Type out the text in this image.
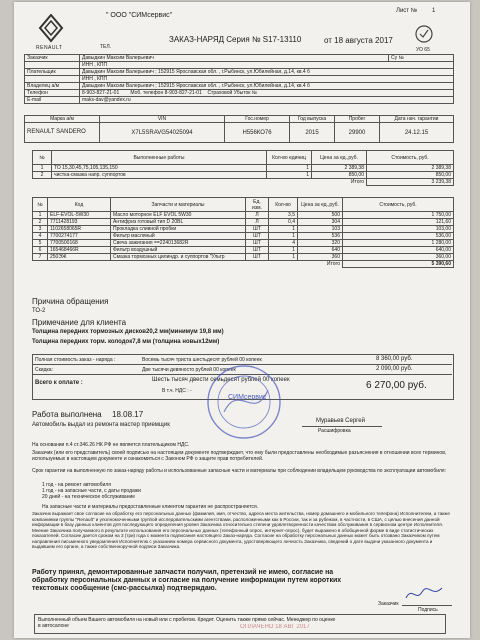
RENAULT
" ООО "СИМсервис"
ТЕЛ.
Лист № 1
ЗАКАЗ-НАРЯД Серия № S17-13110	от 18 августа 2017
УО 65
Заказчик	Давыдкин Максим Валерьевич	Су №
	ИНН , КПП	
Плательщик	Давыдкин Максим Валерьевич ; 152915 Ярославская обл. , г.Рыбинск, ул.Юбилейная, д.14, кв.4 б	
	ИНН , КПП	
Владелец а/м	Давыдкин Максим Валерьевич ; 152915 Ярославская обл. , г.Рыбинск, ул.Юбилейная, д.14, кв.4 б	
Телефон	8-903-827-21-01 Моб. телефон 8-903-827-21-01 Страховой Убыток №	
E-mail	maks-dav@yandex.ru	
Марка а/м	VIN	Гос.номер	Год выпуска	Пробег	Дата нач. гарантии
RENAULT SANDERO	X7L5SRAVG54025094	Н556КО76	2015	29900	24.12.15
№	Выполненные работы	Кол-во единиц	Цена за ед.,руб.	Стоимость, руб.
1	ТО 15,30,45,75,105,135,150	1	2 389,38	2 389,38
2	чистка-смазка напр. суппортов	1	850,00	850,00
Итого				3 239,38
№	Код	Запчасти и материалы	Ед. изм.	Кол-во	Цена за ед.,руб.	Стоимость, руб.
1	ELF-EVOL-5W30	Масло моторное ELF EVOL 5W30	Л	3,5	500	1 750,00
2	7711428193	Антифриз готовый тип D 20BL	Л	0,4	304	121,60
3	1102658065R	Прокладка сливной пробки	ШТ	1	103	103,00
4	7700274177	Фильтр масляный	ШТ	1	536	536,00
5	7700500168	Свеча зажигания ==224013682R	ШТ	4	320	1 280,00
6	165468466R	Фильтр воздушный	ШТ	1	640	640,00
7	250ЭЖ	Смазка тормозных цилиндр. и суппортов "Ультр	ШТ	1	360	360,00
Итого						5 390,60
Причина обращения
ТО-2
Примечание для клиента
Толщина передних тормозных дисков20,2 мм(минимум 19,8 мм)
Толщина передних торм. колодок7,8 мм (толщина новых12мм)
Полная стоимость заказ - наряда :	Восемь тысяч триста шестьдесят рублей 00 копеек	8 360,00 руб.
Скидка:	Две тысячи девяносто рублей 00 копеек	2 090,00 руб.
Всего к оплате :	Шесть тысяч двести семьдесят рублей 00 копеек
В т.ч. НДС : -	6 270,00 руб.
Работа выполнена 18.08.17
Автомобиль выдал из ремонта мастер приемщик
Муравьев Сергей
Расшифровка
СИМсервис
На основании п.4 ст.346.26 НК РФ не является плательщиком НДС.
Заказчик (или его представитель) своей подписью на настоящем документе подтверждает, что ему были предоставлены необходимые разъяснения в отношении всех терминов, используемых в настоящем документе и ознакомиться с Законом РФ о защите прав потребителей.
Срок гарантии на выполненную по заказ-наряду работы и использованные запасные части и материалы при соблюдении владельцем руководства по эксплуатации автомобиля:
1 год - на ремонт автомобиля
1 год - на запасные части, с даты продажи
20 дней - на техническое обслуживание
На запасные части и материалы предоставленные клиентом гарантия не распространяется.
Заказчик выражает свое согласие на обработку его персональных данных (фамилия, имя, отчество, адреса места жительства, номер домашнего и мобильного телефона) Исполнителем, а также компаниями группы "Renault" и уполномоченными группой исследовательскими агентствами, расположенными как в России, так и за рубежом, в частности, в США, с целью внесения данной информации в базу данных клиентов для последующего определения уровня Заказчика относительно степени удовлетворенности качеством обслуживания в сервисном центре Исполнителя. Мнение Заказчика получаемого в результате использования его персональных данных (телефонный опрос, интернет-опрос), будет выражено в обобщенной форме в виде статистических показателей. Согласие дается сроком на 3 (три) года с момента подписания настоящего Заказ-наряда. Согласие на обработку персональных данных может быть отозвано Заказчиком путем направления письменного уведомления Исполнителю с указанием номера сервисного документа, удостоверяющего личность Заказчика, сведений о дате выдачи указанного документа и выдавшем его органе, а также собственноручной подписи Заказчика.
Работу принял, демонтированные запчасти получил, претензий не имею, согласие на обработку персональных данных и согласие на получение информации путем коротких текстовых сообщение (смс-рассылка) подтверждаю.
Заказчик
Подпись
Выполненный объем Вашего автомобиля на новый или с пробегом. Кредит. Оценить также прямо сейчас. Менеджер по оценке в автосалоне	ОПЛАЧЕНО 18 АВГ 2017
